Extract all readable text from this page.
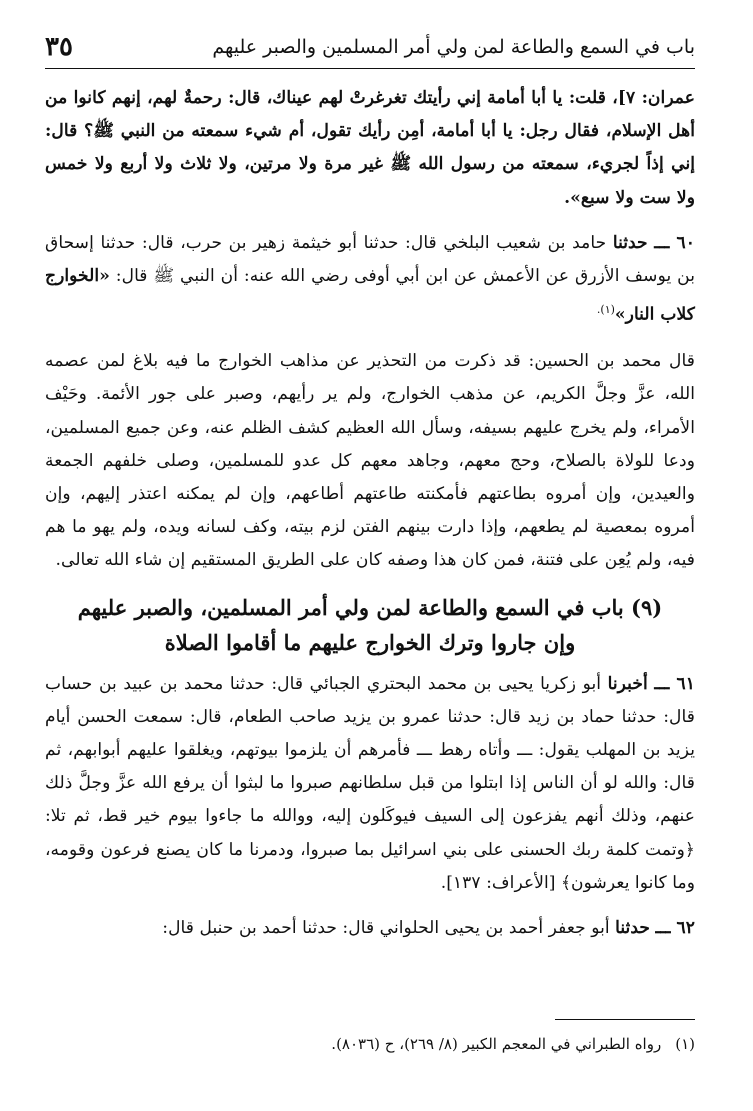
باب في السمع والطاعة لمن ولي أمر المسلمين والصبر عليهم
٣٥

عمران: ٧]، قلت: يا أبا أمامة إني رأيتك تغرغرتْ لهم عيناك، قال: رحمةٌ لهم، إنهم كانوا من أهل الإسلام، فقال رجل: يا أبا أمامة، أمِن رأيك تقول، أم شيء سمعته من النبي ﷺ؟ قال: إني إذاً لجريء، سمعته من رسول الله ﷺ غير مرة ولا مرتين، ولا ثلاث ولا أربع ولا خمس ولا ست ولا سبع».

٦٠ ـــ حدثنا حامد بن شعيب البلخي قال: حدثنا أبو خيثمة زهير بن حرب، قال: حدثنا إسحاق بن يوسف الأزرق عن الأعمش عن ابن أبي أوفى رضي الله عنه: أن النبي ﷺ قال: «الخوارج كلاب النار»$^{(١).}$

قال محمد بن الحسين: قد ذكرت من التحذير عن مذاهب الخوارج ما فيه بلاغ لمن عصمه الله، عزَّ وجلَّ الكريم، عن مذهب الخوارج، ولم ير رأيهم، وصبر على جور الأئمة. وحَيْف الأمراء، ولم يخرج عليهم بسيفه، وسأل الله العظيم كشف الظلم عنه، وعن جميع المسلمين، ودعا للولاة بالصلاح، وحج معهم، وجاهد معهم كل عدو للمسلمين، وصلى خلفهم الجمعة والعيدين، وإن أمروه بطاعتهم فأمكنته طاعتهم أطاعهم، وإن لم يمكنه اعتذر إليهم، وإن أمروه بمعصية لم يطعهم، وإذا دارت بينهم الفتن لزم بيته، وكف لسانه ويده، ولم يهو ما هم فيه، ولم يُعِن على فتنة، فمن كان هذا وصفه كان على الطريق المستقيم إن شاء الله تعالى.

(٩) باب في السمع والطاعة لمن ولي أمر المسلمين، والصبر عليهم
وإن جاروا وترك الخوارج عليهم ما أقاموا الصلاة

٦١ ـــ أخبرنا أبو زكريا يحيى بن محمد البحتري الجبائي قال: حدثنا محمد بن عبيد بن حساب قال: حدثنا حماد بن زيد قال: حدثنا عمرو بن يزيد صاحب الطعام، قال: سمعت الحسن أيام يزيد بن المهلب يقول: ـــ وأتاه رهط ـــ فأمرهم أن يلزموا بيوتهم، ويغلقوا عليهم أبوابهم، ثم قال: والله لو أن الناس إذا ابتلوا من قبل سلطانهم صبروا ما لبثوا أن يرفع الله عزَّ وجلَّ ذلك عنهم، وذلك أنهم يفزعون إلى السيف فيوكَلون إليه، ووالله ما جاءوا بيوم خير قط، ثم تلا: ﴿وتمت كلمة ربك الحسنى على بني اسرائيل بما صبروا، ودمرنا ما كان يصنع فرعون وقومه، وما كانوا يعرشون﴾ [الأعراف: ١٣٧].

٦٢ ـــ حدثنا أبو جعفر أحمد بن يحيى الحلواني قال: حدثنا أحمد بن حنبل قال:

(١)رواه الطبراني في المعجم الكبير (٨/ ٢٦٩)، ح (٨٠٣٦).
